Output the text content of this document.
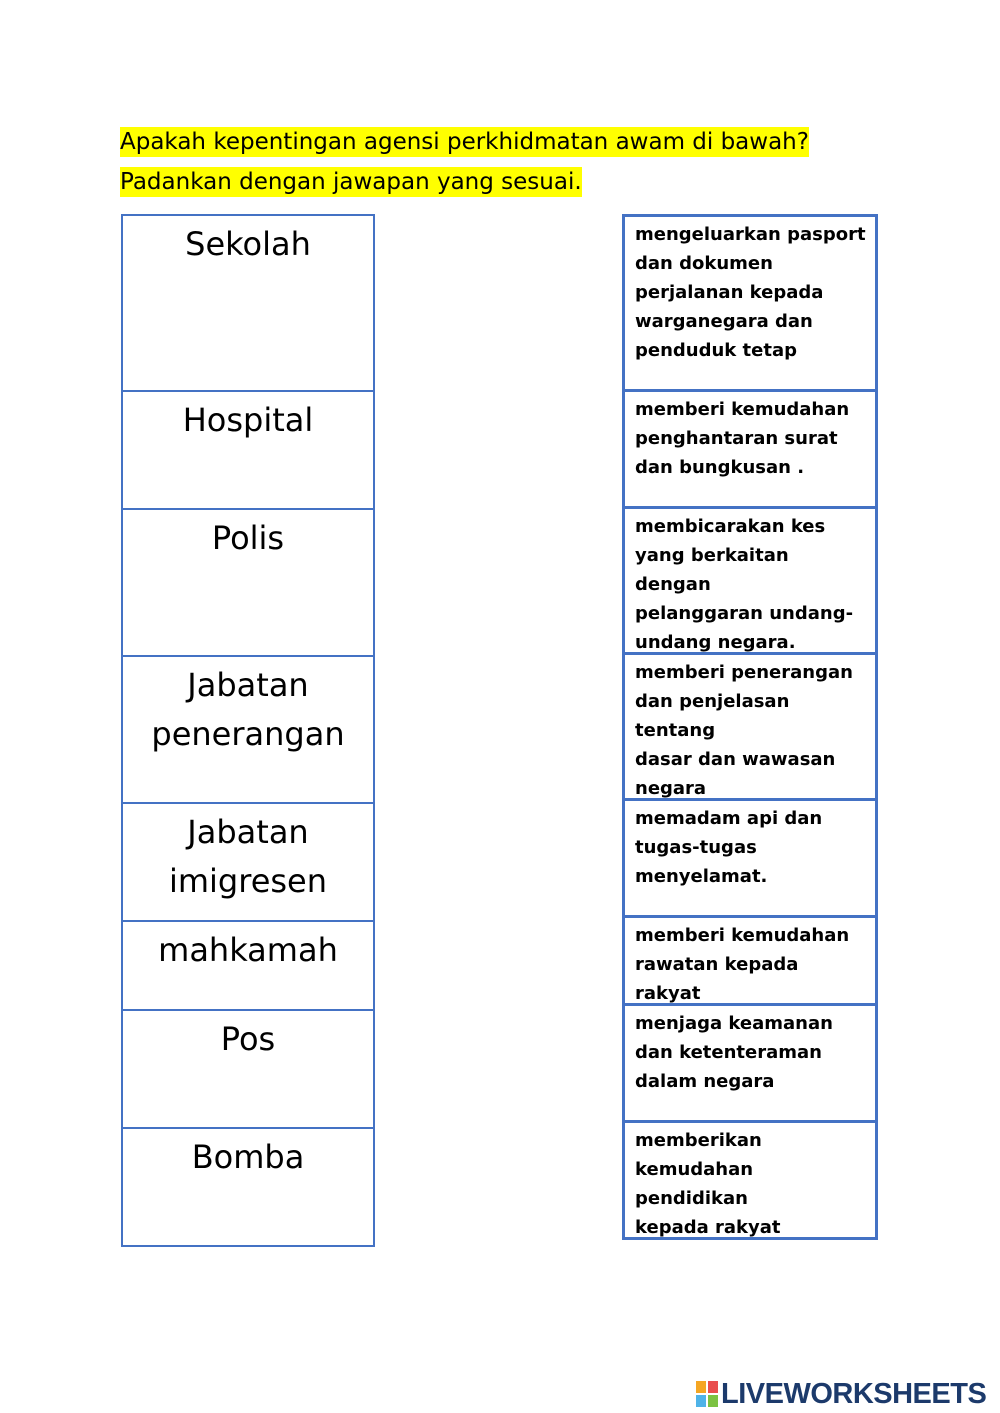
Apakah kepentingan agensi perkhidmatan awam di bawah?
Padankan dengan jawapan yang sesuai.
Sekolah
Hospital
Polis
Jabatan
penerangan
Jabatan
imigresen
mahkamah
Pos
Bomba
mengeluarkan pasport
dan dokumen
perjalanan kepada
warganegara dan
penduduk tetap
memberi kemudahan
penghantaran surat
dan bungkusan .
membicarakan kes
yang berkaitan dengan
pelanggaran undang-
undang negara.
memberi penerangan
dan penjelasan tentang
dasar dan wawasan
negara
memadam api dan
tugas-tugas
menyelamat.
memberi kemudahan
rawatan kepada rakyat
menjaga keamanan
dan ketenteraman
dalam negara
memberikan
kemudahan pendidikan
kepada rakyat
LIVEWORKSHEETS
